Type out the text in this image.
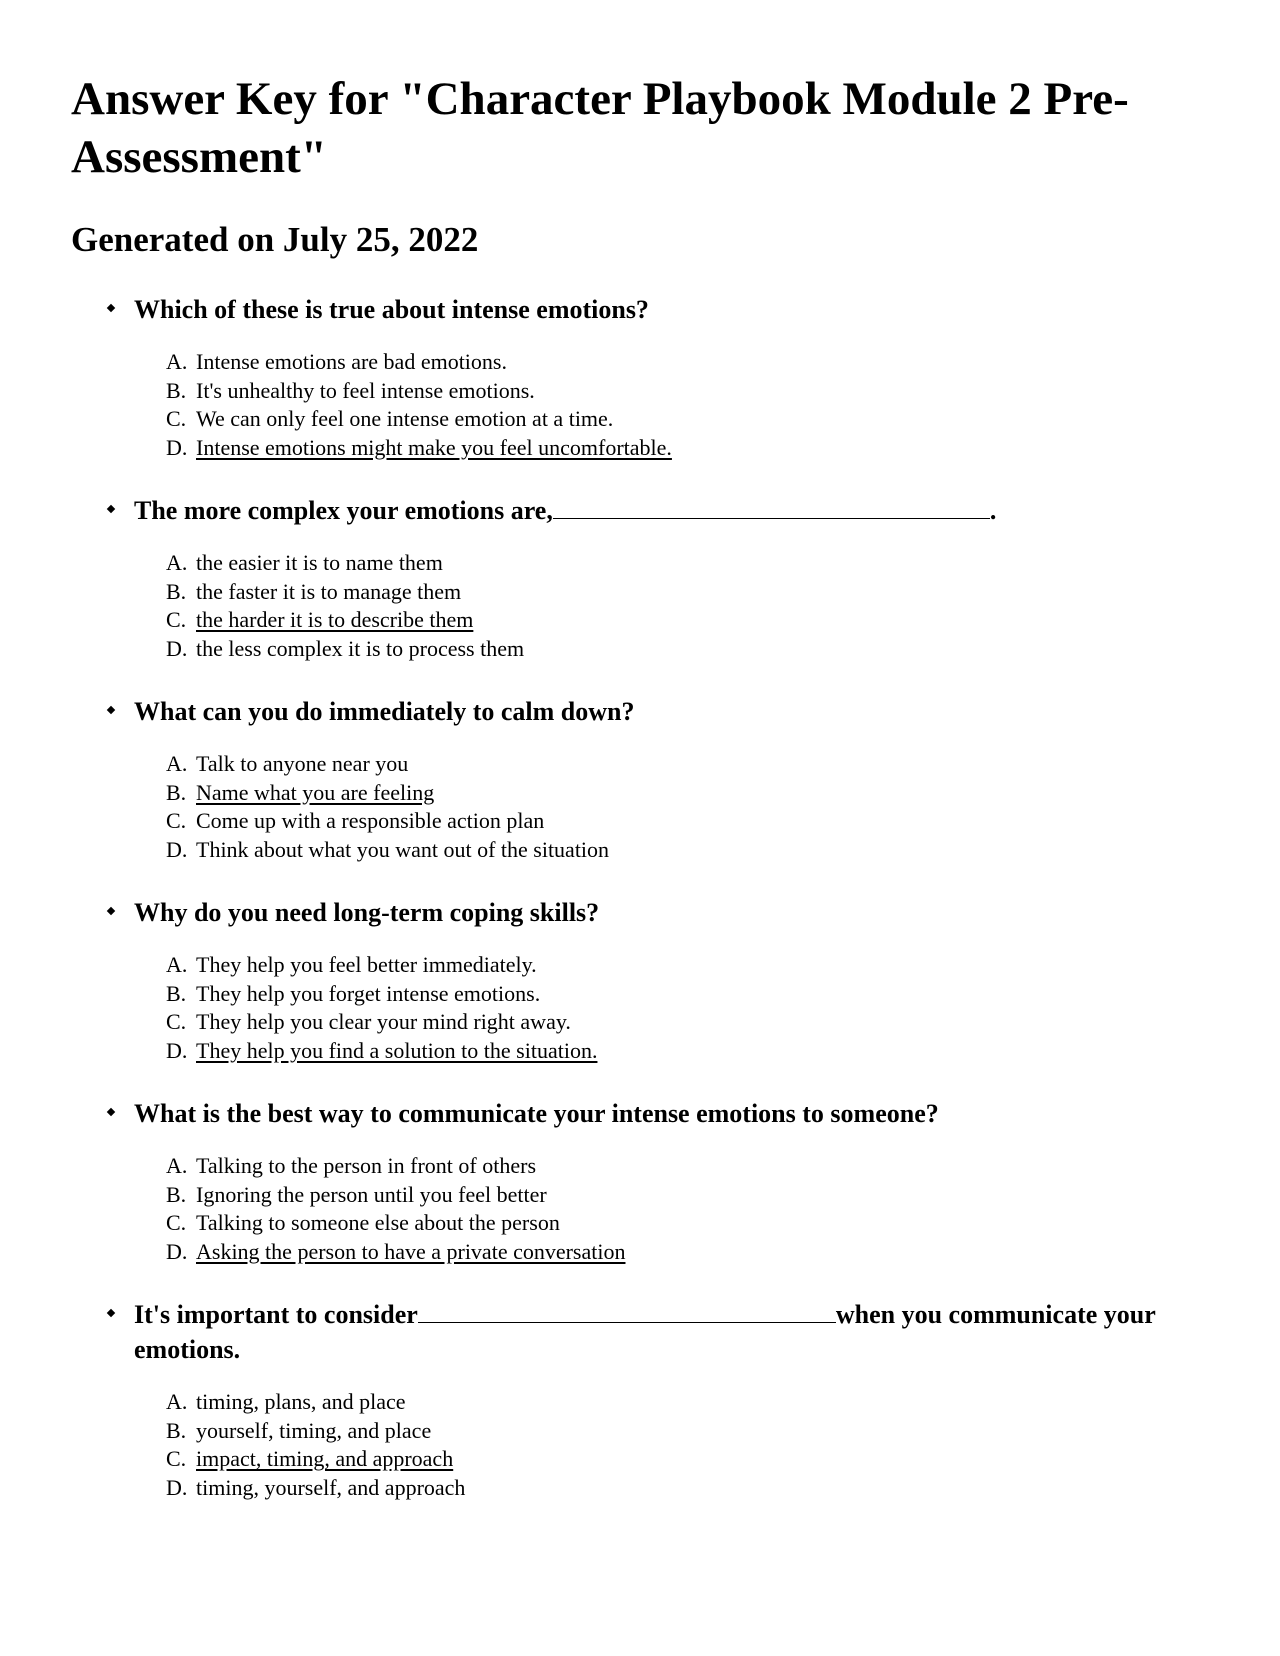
Answer Key for "Character Playbook Module 2 Pre-Assessment"
Generated on July 25, 2022

Which of these is true about intense emotions?

A. Intense emotions are bad emotions.
B. It's unhealthy to feel intense emotions.
C. We can only feel one intense emotion at a time.
D. Intense emotions might make you feel uncomfortable.

The more complex your emotions are,	.

A. the easier it is to name them
B. the faster it is to manage them
C. the harder it is to describe them
D. the less complex it is to process them

What can you do immediately to calm down?

A. Talk to anyone near you
B. Name what you are feeling
C. Come up with a responsible action plan
D. Think about what you want out of the situation

Why do you need long-term coping skills?

A. They help you feel better immediately.
B. They help you forget intense emotions.
C. They help you clear your mind right away.
D. They help you find a solution to the situation.

What is the best way to communicate your intense emotions to someone?

A. Talking to the person in front of others
B. Ignoring the person until you feel better
C. Talking to someone else about the person
D. Asking the person to have a private conversation

It's important to consider	when you communicate your emotions.

A. timing, plans, and place
B. yourself, timing, and place
C. impact, timing, and approach
D. timing, yourself, and approach
